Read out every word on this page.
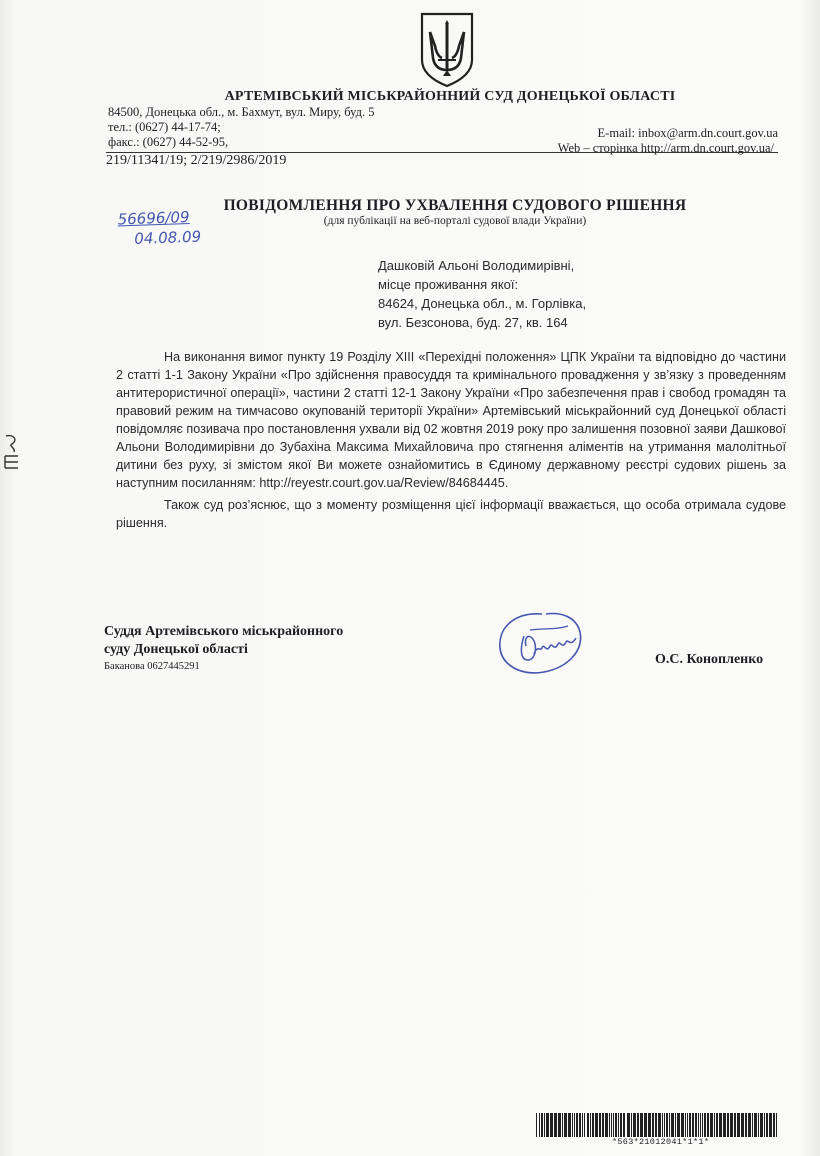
АРТЕМІВСЬКИЙ МІСЬКРАЙОННИЙ СУД ДОНЕЦЬКОЇ ОБЛАСТІ
84500, Донецька обл., м. Бахмут, вул. Миру, буд. 5
тел.: (0627) 44-17-74;
факс.: (0627) 44-52-95,
E-mail: inbox@arm.dn.court.gov.ua
Web – сторінка http://arm.dn.court.gov.ua/
219/11341/19; 2/219/2986/2019
56696/09
04.08.09
ПОВІДОМЛЕННЯ ПРО УХВАЛЕННЯ СУДОВОГО РІШЕННЯ
(для публікації на веб-порталі судової влади України)
Дашковій Альоні Володимирівні,
місце проживання якої:
84624, Донецька обл., м. Горлівка,
вул. Безсонова, буд. 27, кв. 164

На виконання вимог пункту 19 Розділу XIII «Перехідні положення» ЦПК України та відповідно до частини 2 статті 1-1 Закону України «Про здійснення правосуддя та кримінального провадження у зв’язку з проведенням антитерористичної операції», частини 2 статті 12-1 Закону України «Про забезпечення прав і свобод громадян та правовий режим на тимчасово окупованій території України» Артемівський міськрайонний суд Донецької області повідомляє позивача про постановлення ухвали від 02 жовтня 2019 року про залишення позовної заяви Дашкової Альони Володимирівни до Зубахіна Максима Михайловича про стягнення аліментів на утримання малолітньої дитини без руху, зі змістом якої Ви можете ознайомитись в Єдиному державному реєстрі судових рішень за наступним посиланням: http://reyestr.court.gov.ua/Review/84684445.

Також суд роз’яснює, що з моменту розміщення цієї інформації вважається, що особа отримала судове рішення.

Суддя Артемівського міськрайонного
суду Донецької області
Баканова 0627445291	О.С. Конопленко
*563*21012041*1*1*
